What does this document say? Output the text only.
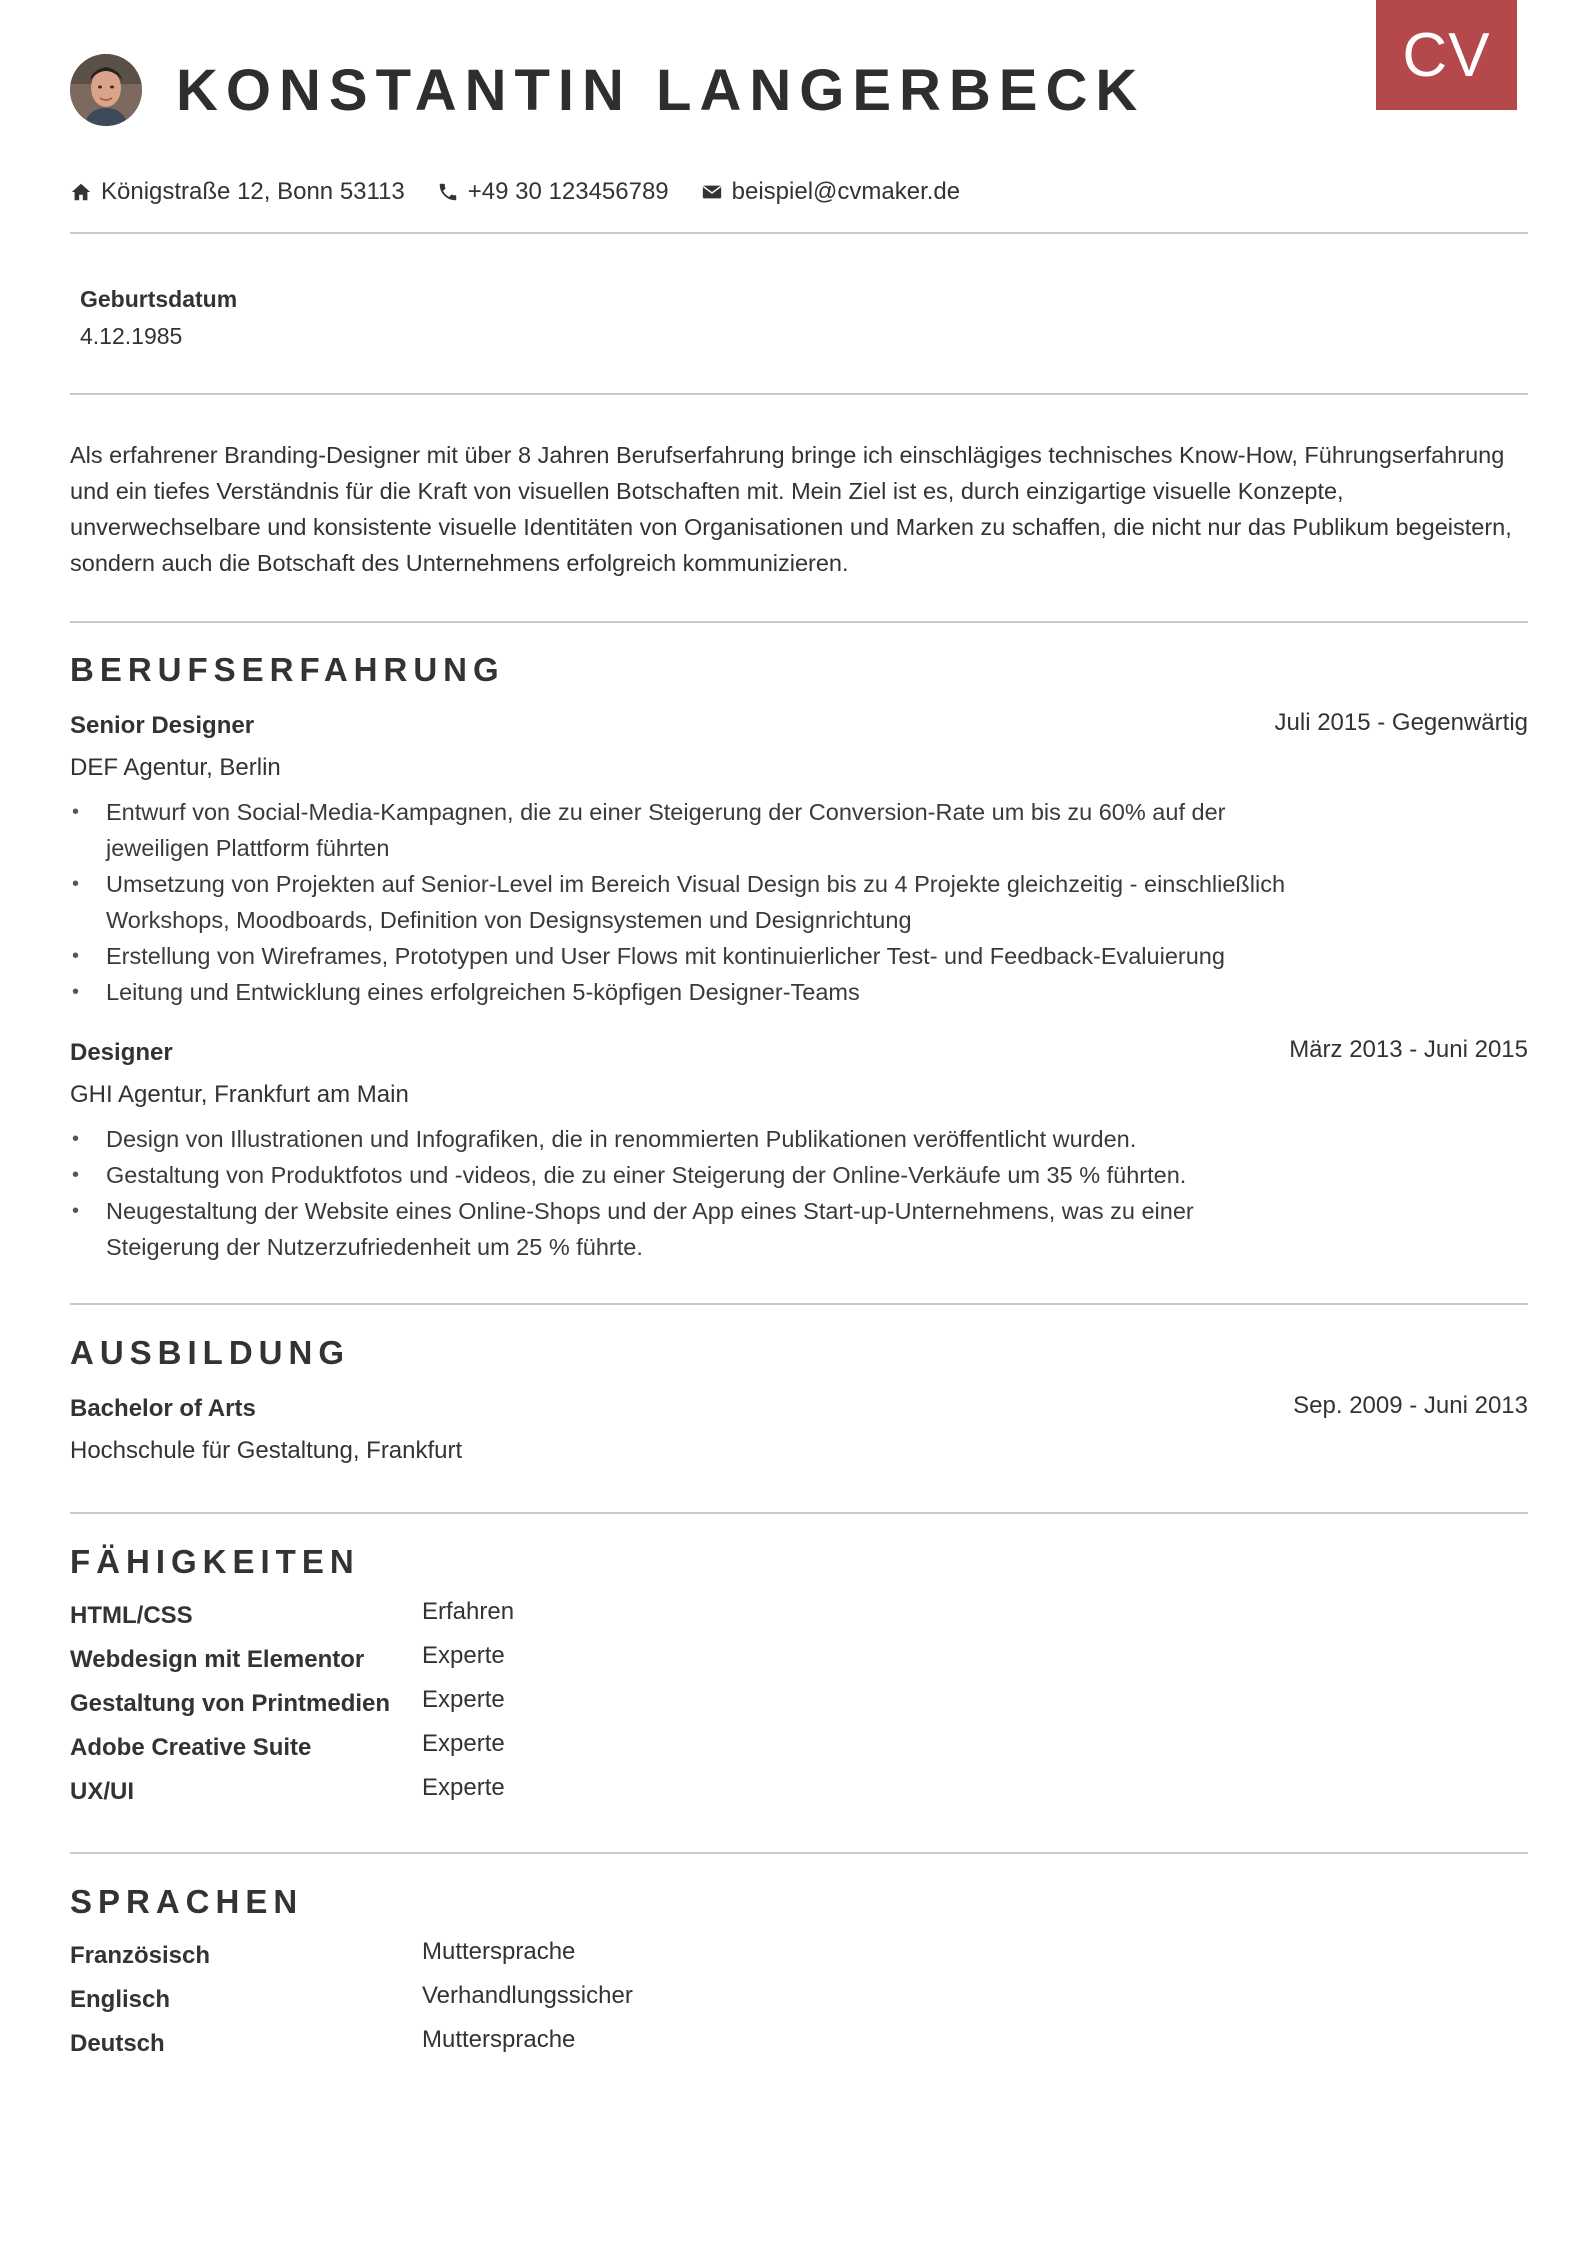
CV
KONSTANTIN LANGERBECK
Königstraße 12, Bonn 53113	+49 30 123456789	beispiel@cvmaker.de
Geburtsdatum
4.12.1985
Als erfahrener Branding-Designer mit über 8 Jahren Berufserfahrung bringe ich einschlägiges technisches Know-How, Führungserfahrung und ein tiefes Verständnis für die Kraft von visuellen Botschaften mit. Mein Ziel ist es, durch einzigartige visuelle Konzepte, unverwechselbare und konsistente visuelle Identitäten von Organisationen und Marken zu schaffen, die nicht nur das Publikum begeistern, sondern auch die Botschaft des Unternehmens erfolgreich kommunizieren.
BERUFSERFAHRUNG
Senior Designer	Juli 2015 - Gegenwärtig
DEF Agentur, Berlin
• Entwurf von Social-Media-Kampagnen, die zu einer Steigerung der Conversion-Rate um bis zu 60% auf der jeweiligen Plattform führten
• Umsetzung von Projekten auf Senior-Level im Bereich Visual Design bis zu 4 Projekte gleichzeitig - einschließlich Workshops, Moodboards, Definition von Designsystemen und Designrichtung
• Erstellung von Wireframes, Prototypen und User Flows mit kontinuierlicher Test- und Feedback-Evaluierung
• Leitung und Entwicklung eines erfolgreichen 5-köpfigen Designer-Teams
Designer	März 2013 - Juni 2015
GHI Agentur, Frankfurt am Main
• Design von Illustrationen und Infografiken, die in renommierten Publikationen veröffentlicht wurden.
• Gestaltung von Produktfotos und -videos, die zu einer Steigerung der Online-Verkäufe um 35 % führten.
• Neugestaltung der Website eines Online-Shops und der App eines Start-up-Unternehmens, was zu einer Steigerung der Nutzerzufriedenheit um 25 % führte.
AUSBILDUNG
Bachelor of Arts	Sep. 2009 - Juni 2013
Hochschule für Gestaltung, Frankfurt
FÄHIGKEITEN
HTML/CSS	Erfahren
Webdesign mit Elementor	Experte
Gestaltung von Printmedien	Experte
Adobe Creative Suite	Experte
UX/UI	Experte
SPRACHEN
Französisch	Muttersprache
Englisch	Verhandlungssicher
Deutsch	Muttersprache
